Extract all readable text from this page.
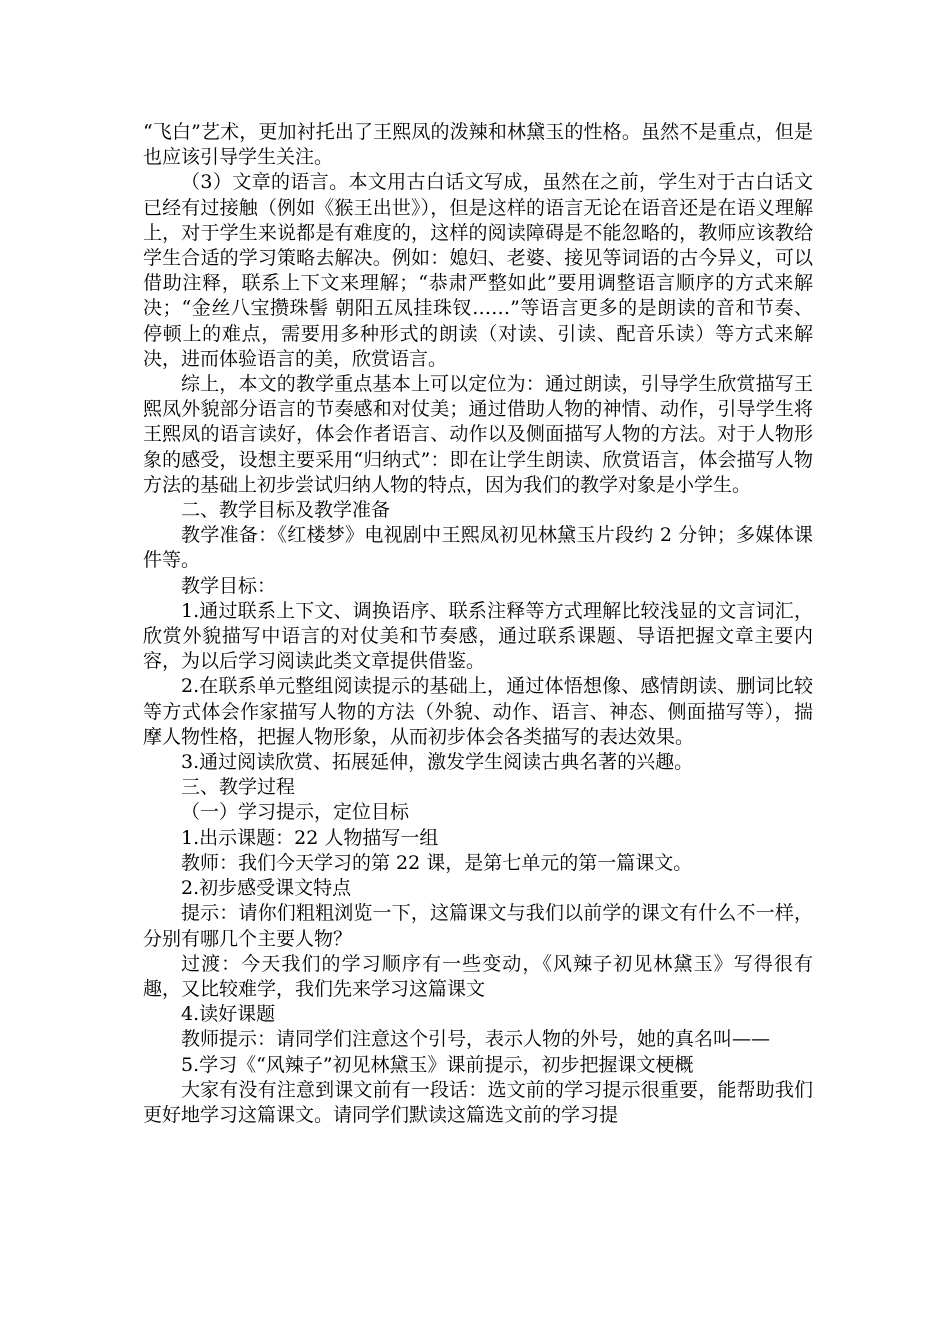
“飞白”艺术，更加衬托出了王熙凤的泼辣和林黛玉的性格。虽然不是重点，但是也应该引导学生关注。

（3）文章的语言。本文用古白话文写成，虽然在之前，学生对于古白话文已经有过接触（例如《猴王出世》），但是这样的语言无论在语音还是在语义理解上，对于学生来说都是有难度的，这样的阅读障碍是不能忽略的，教师应该教给学生合适的学习策略去解决。例如：媳妇、老婆、接见等词语的古今异义，可以借助注释，联系上下文来理解；“恭肃严整如此”要用调整语言顺序的方式来解决；“金丝八宝攒珠髻 朝阳五凤挂珠钗……”等语言更多的是朗读的音和节奏、停顿上的难点，需要用多种形式的朗读（对读、引读、配音乐读）等方式来解决，进而体验语言的美，欣赏语言。

综上，本文的教学重点基本上可以定位为：通过朗读，引导学生欣赏描写王熙凤外貌部分语言的节奏感和对仗美；通过借助人物的神情、动作，引导学生将王熙凤的语言读好，体会作者语言、动作以及侧面描写人物的方法。对于人物形象的感受，设想主要采用“归纳式”：即在让学生朗读、欣赏语言，体会描写人物方法的基础上初步尝试归纳人物的特点，因为我们的教学对象是小学生。

二、教学目标及教学准备

教学准备：《红楼梦》电视剧中王熙凤初见林黛玉片段约 2 分钟；多媒体课件等。

教学目标：

1.通过联系上下文、调换语序、联系注释等方式理解比较浅显的文言词汇，欣赏外貌描写中语言的对仗美和节奏感，通过联系课题、导语把握文章主要内容，为以后学习阅读此类文章提供借鉴。

2.在联系单元整组阅读提示的基础上，通过体悟想像、感情朗读、删词比较等方式体会作家描写人物的方法（外貌、动作、语言、神态、侧面描写等），揣摩人物性格，把握人物形象，从而初步体会各类描写的表达效果。

3.通过阅读欣赏、拓展延伸，激发学生阅读古典名著的兴趣。

三、教学过程

（一）学习提示，定位目标

1.出示课题：22 人物描写一组

教师：我们今天学习的第 22 课，是第七单元的第一篇课文。

2.初步感受课文特点

提示：请你们粗粗浏览一下，这篇课文与我们以前学的课文有什么不一样，分别有哪几个主要人物？

过渡：今天我们的学习顺序有一些变动，《风辣子初见林黛玉》写得很有趣，又比较难学，我们先来学习这篇课文

4.读好课题

教师提示：请同学们注意这个引号，表示人物的外号，她的真名叫——

5.学习《“风辣子”初见林黛玉》课前提示，初步把握课文梗概

大家有没有注意到课文前有一段话：选文前的学习提示很重要，能帮助我们更好地学习这篇课文。请同学们默读这篇选文前的学习提
